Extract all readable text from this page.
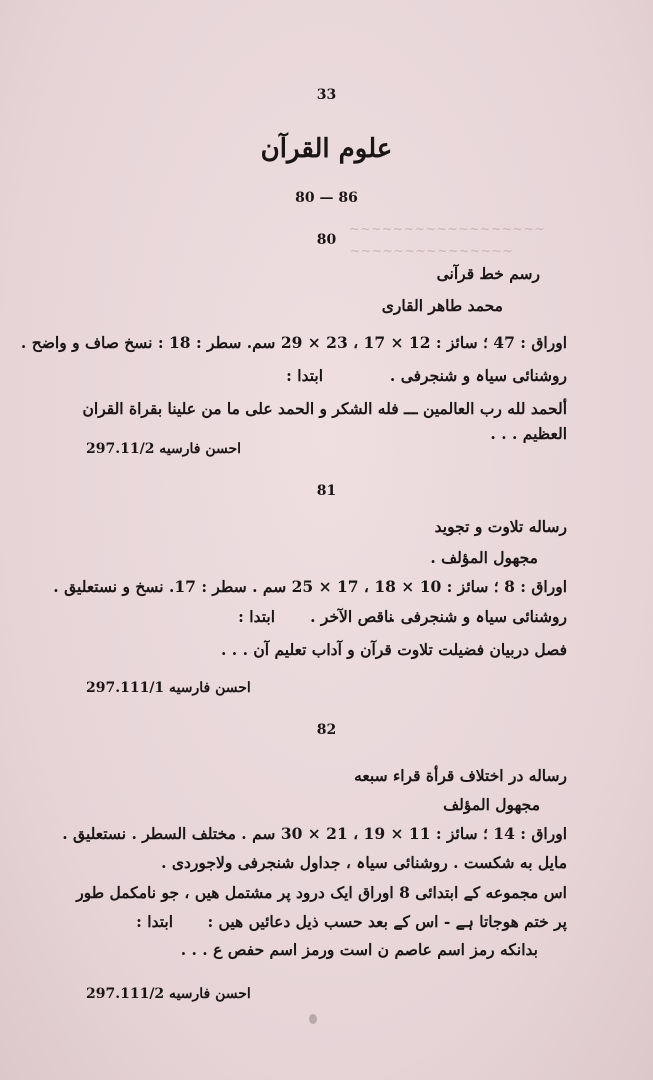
33
علوم القرآن
80 — 86
~~~~~~~~~~~~~~~~~~
~~~~~~~~~~~~~~~
80
رسم خط قرآنی
محمد طاهر القاری
اوراق : 47 ؛ سائز : 12 × 17 ، 23 × 29 سم. سطر : 18 : نسخ صاف و واضح .
روشنائی سیاہ و شنجرفی .
ابتدا :
ألحمد لله رب العالمین ـــ فله الشکر و الحمد علی ما من علینا بقراة القران
العظیم . . .
احسن فارسیه 297.11/2
81
رساله تلاوت و تجوید
مجهول المؤلف .
اوراق : 8 ؛ سائز : 10 × 18 ، 17 × 25 سم . سطر : 17. نسخ و نستعلیق .
روشنائی سیاہ و شنجرفی .
ناقص الآخر .
ابتدا :
فصل دربیان فضیلت تلاوت قرآن و آداب تعلیم آن . . .
احسن فارسیه 297.111/1
82
رساله در اختلاف قرأة قراء سبعه
مجهول المؤلف
اوراق : 14 ؛ سائز : 11 × 19 ، 21 × 30 سم . مختلف السطر . نستعلیق .
مایل به شکست . روشنائی سیاہ ، جداول شنجرفی ولاجوردی .
اس مجموعه کے ابتدائی 8 اوراق ایک درود پر مشتمل هیں ، جو نامکمل طور
پر ختم هوجاتا ہے - اس کے بعد حسب ذیل دعائیں هیں :
ابتدا :
بدانکه رمز اسم عاصم ن است ورمز اسم حفص ع . . .
احسن فارسیه 297.111/2
